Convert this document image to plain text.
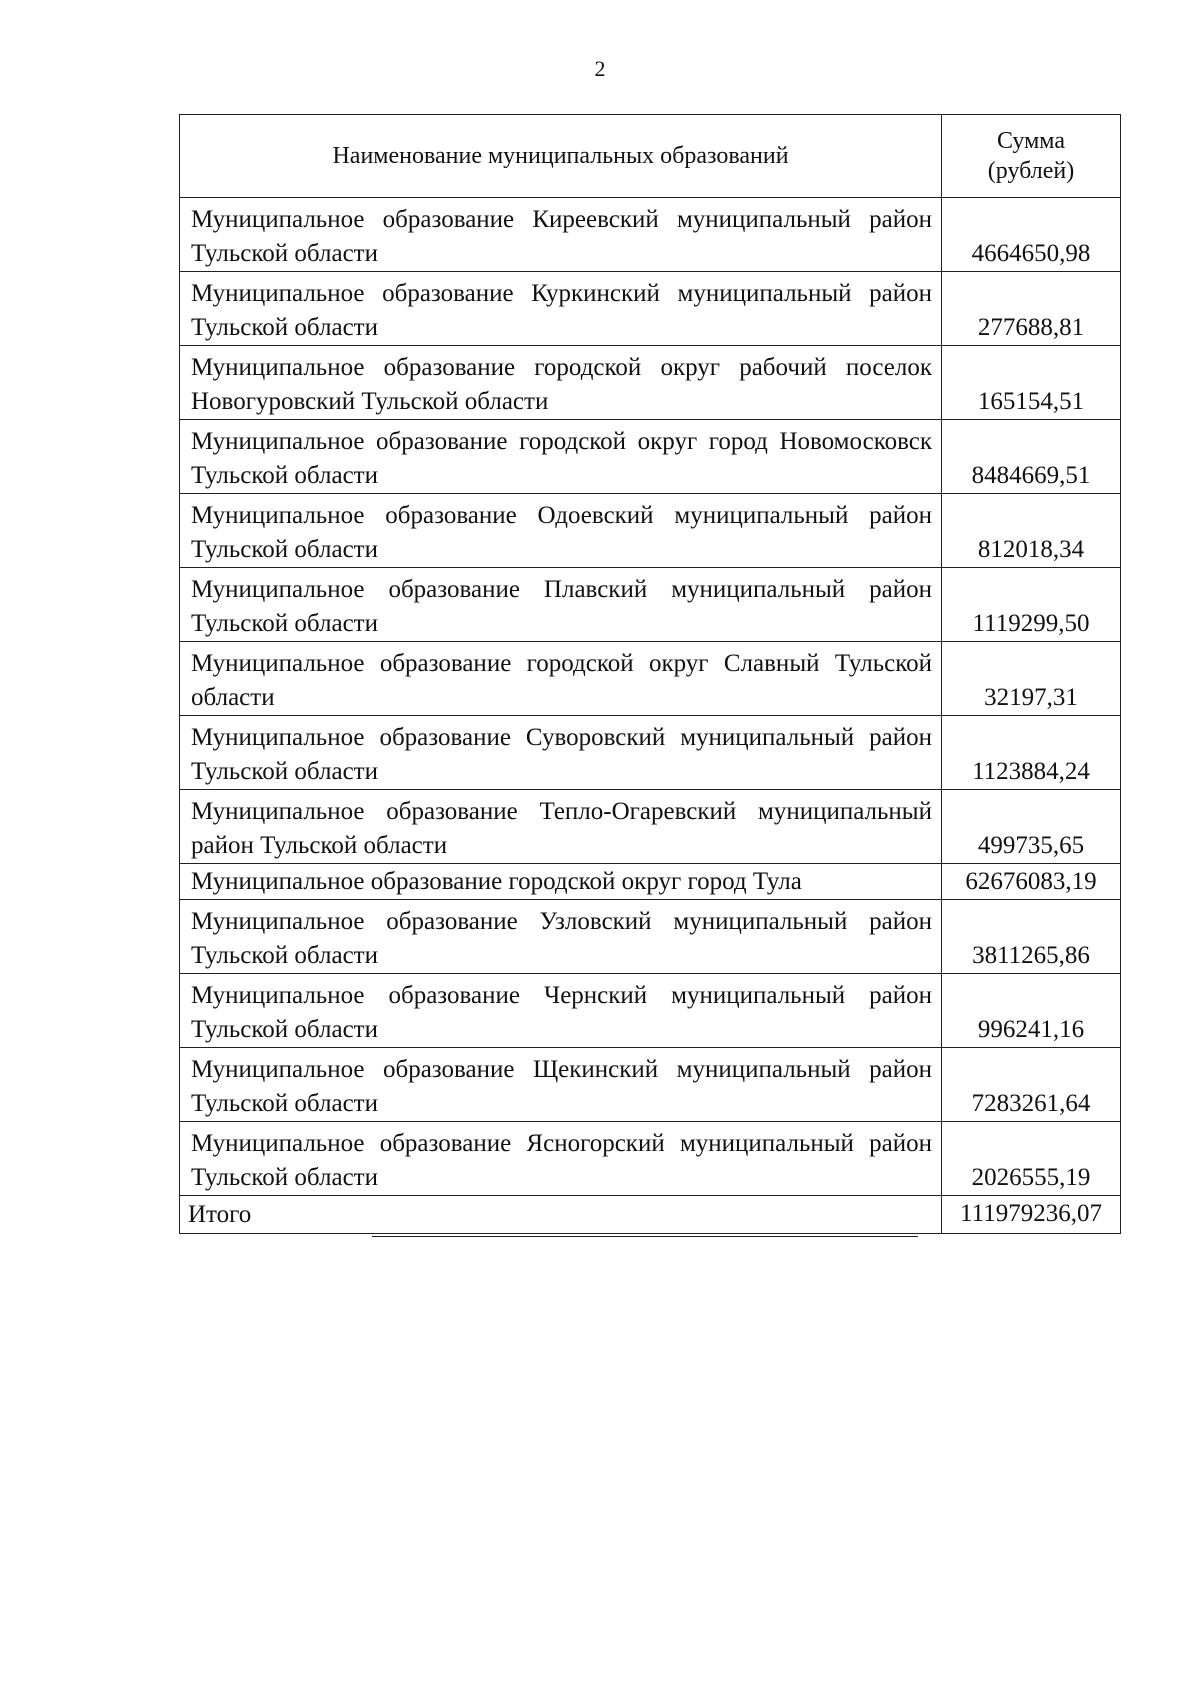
2
Наименование муниципальных образований	Сумма
(рублей)

Муниципальное образование Киреевский муниципальный район Тульской области	4664650,98

Муниципальное образование Куркинский муниципальный район Тульской области	277688,81

Муниципальное образование городской округ рабочий поселок Новогуровский Тульской области	165154,51

Муниципальное образование городской округ город Новомосковск Тульской области	8484669,51

Муниципальное образование Одоевский муниципальный район Тульской области	812018,34

Муниципальное образование Плавский муниципальный район Тульской области	1119299,50

Муниципальное образование городской округ Славный Тульской области	32197,31

Муниципальное образование Суворовский муниципальный район Тульской области	1123884,24

Муниципальное образование Тепло-Огаревский муниципальный район Тульской области	499735,65

Муниципальное образование городской округ город Тула	62676083,19

Муниципальное образование Узловский муниципальный район Тульской области	3811265,86

Муниципальное образование Чернский муниципальный район Тульской области	996241,16

Муниципальное образование Щекинский муниципальный район Тульской области	7283261,64

Муниципальное образование Ясногорский муниципальный район Тульской области	2026555,19

Итого	111979236,07
